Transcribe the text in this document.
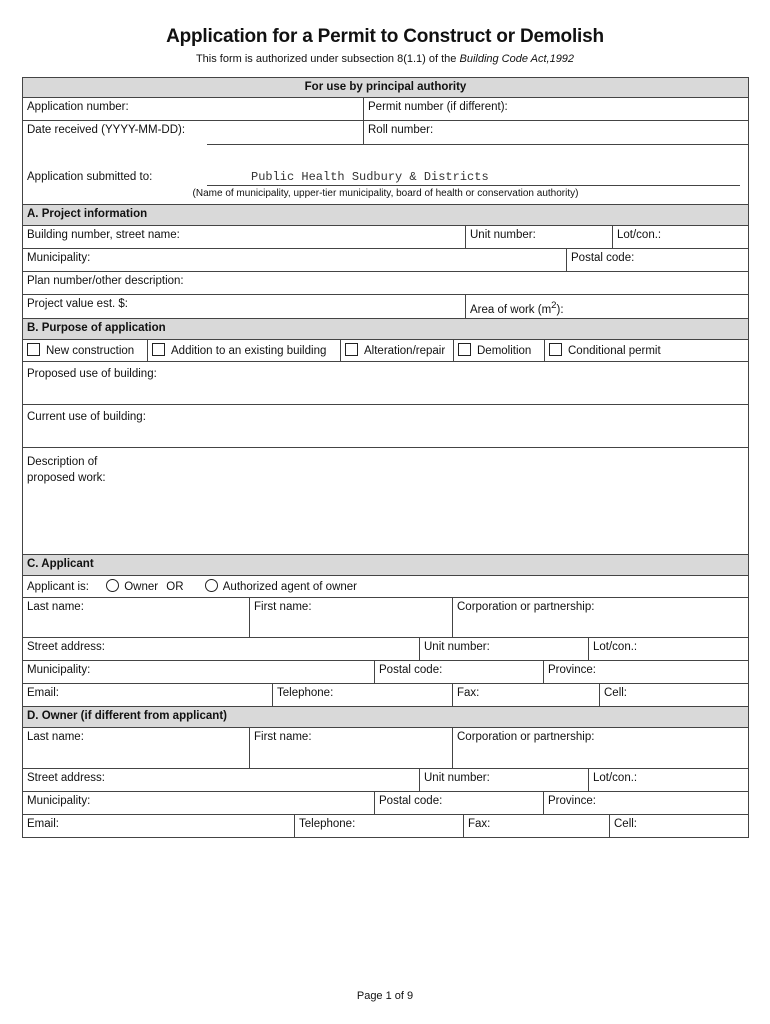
Application for a Permit to Construct or Demolish
This form is authorized under subsection 8(1.1) of the Building Code Act,1992
For use by principal authority
Application number:	Permit number (if different):
Date received (YYYY-MM-DD):	Roll number:
Application submitted to:	Public Health Sudbury & Districts
(Name of municipality, upper-tier municipality, board of health or conservation authority)
A. Project information
Building number, street name:	Unit number:	Lot/con.:
Municipality:	Postal code:
Plan number/other description:
Project value est. $:	Area of work $(m^2)$:
B. Purpose of application
New construction	Addition to an existing building	Alteration/repair	Demolition	Conditional permit
Proposed use of building:
Current use of building:
Description of
proposed work:
C. Applicant
Applicant is:	Owner OR	Authorized agent of owner
Last name:	First name:	Corporation or partnership:
Street address:	Unit number:	Lot/con.:
Municipality:	Postal code:	Province:
Email:	Telephone:	Fax:	Cell:
D. Owner (if different from applicant)
Last name:	First name:	Corporation or partnership:
Street address:	Unit number:	Lot/con.:
Municipality:	Postal code:	Province:
Email:	Telephone:	Fax:	Cell:
Page 1 of 9
